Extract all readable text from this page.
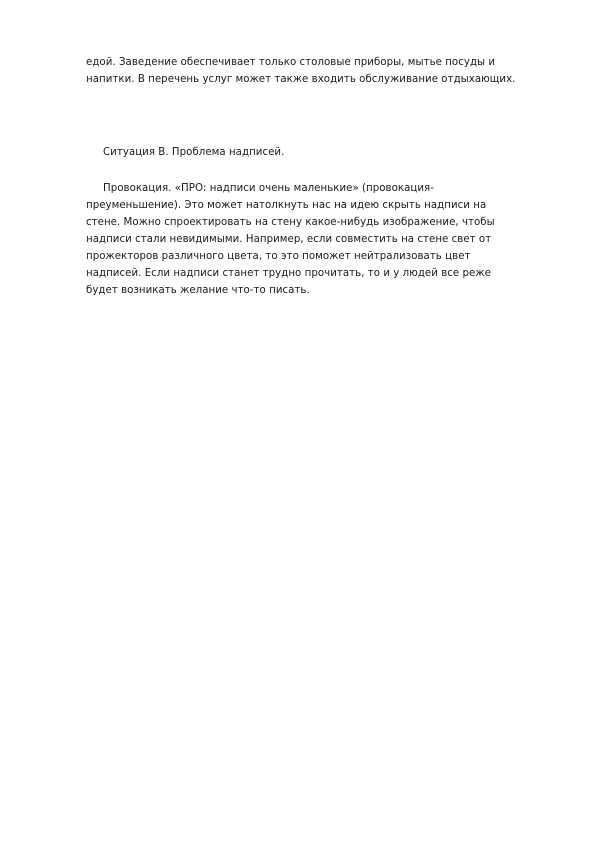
едой. Заведение обеспечивает только столовые приборы, мытье посуды и
напитки. В перечень услуг может также входить обслуживание отдыхающих.
Ситуация В. Проблема надписей.
Провокация. «ПРО: надписи очень маленькие» (провокация-
преуменьшение). Это может натолкнуть нас на идею скрыть надписи на
стене. Можно спроектировать на стену какое-нибудь изображение, чтобы
надписи стали невидимыми. Например, если совместить на стене свет от
прожекторов различного цвета, то это поможет нейтрализовать цвет
надписей. Если надписи станет трудно прочитать, то и у людей все реже
будет возникать желание что-то писать.
